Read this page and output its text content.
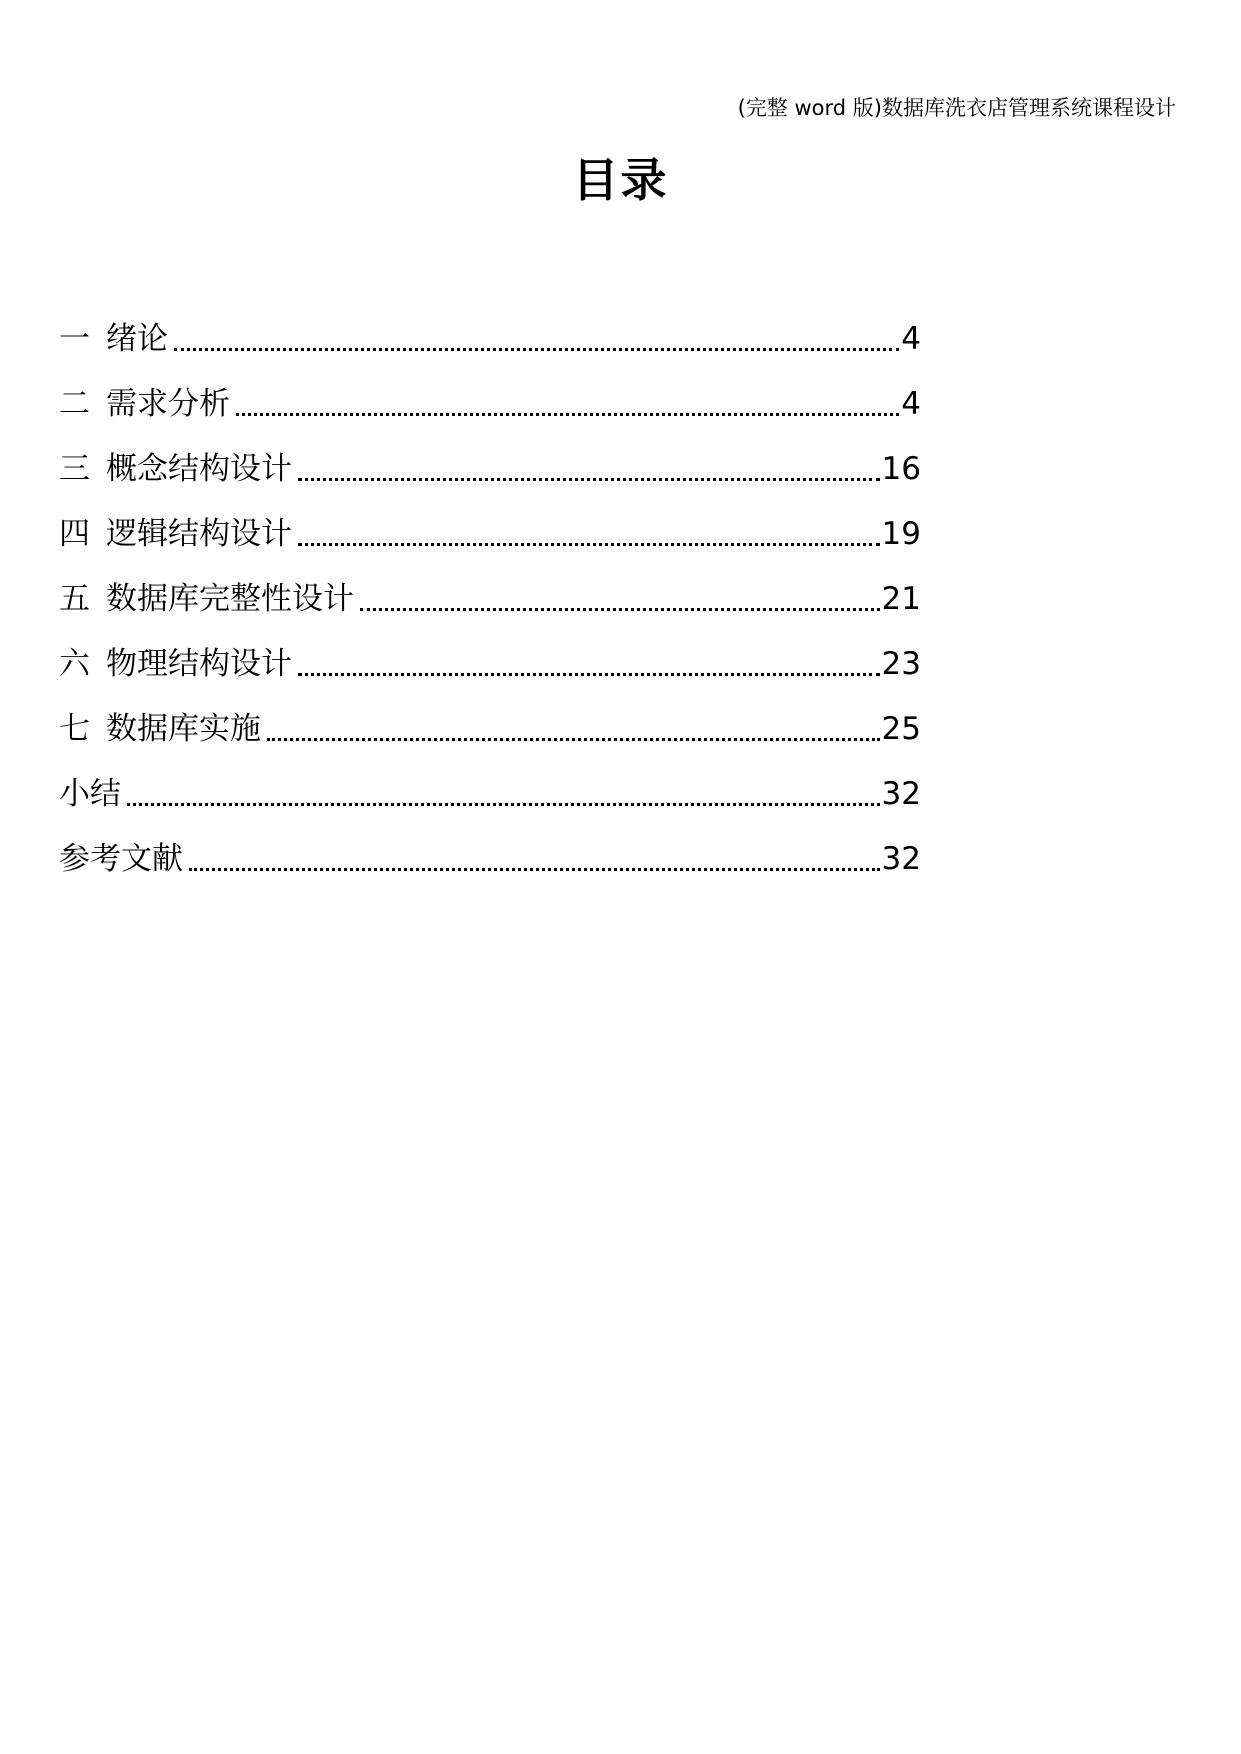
(完整 word 版)数据库洗衣店管理系统课程设计
目录
一 绪论	4
二 需求分析	4
三 概念结构设计	16
四 逻辑结构设计	19
五 数据库完整性设计	21
六 物理结构设计	23
七 数据库实施	25
小结	32
参考文献	32
